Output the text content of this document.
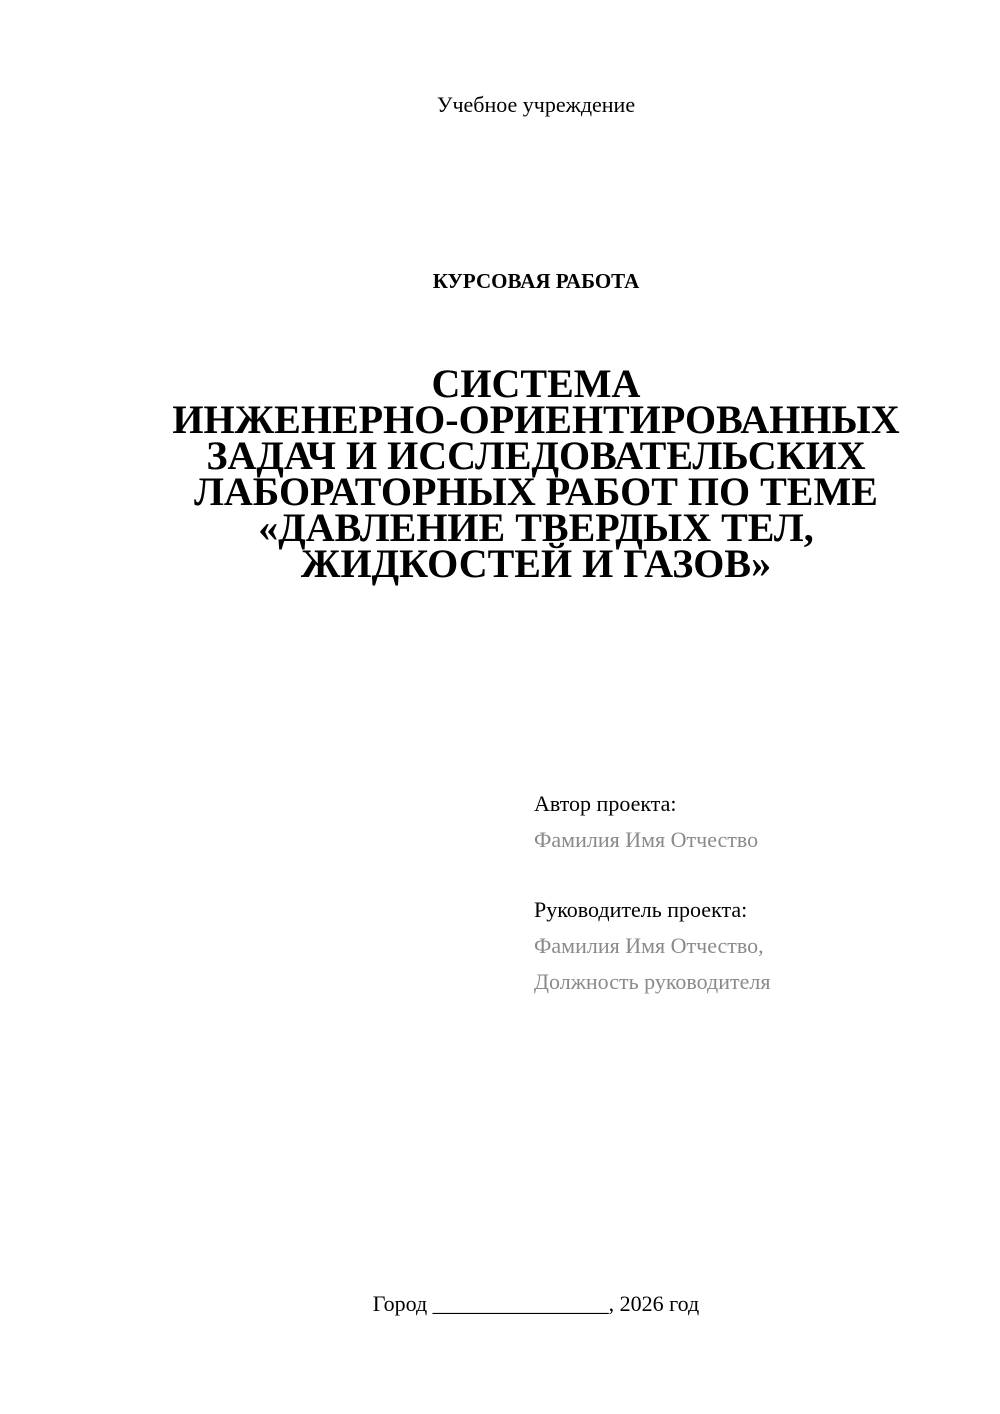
Учебное учреждение
КУРСОВАЯ РАБОТА
СИСТЕМА
ИНЖЕНЕРНО-ОРИЕНТИРОВАННЫХ
ЗАДАЧ И ИССЛЕДОВАТЕЛЬСКИХ
ЛАБОРАТОРНЫХ РАБОТ ПО ТЕМЕ
«ДАВЛЕНИЕ ТВЕРДЫХ ТЕЛ,
ЖИДКОСТЕЙ И ГАЗОВ»
Автор проекта:
Фамилия Имя Отчество
Руководитель проекта:
Фамилия Имя Отчество,
Должность руководителя
Город ________________, 2026 год
